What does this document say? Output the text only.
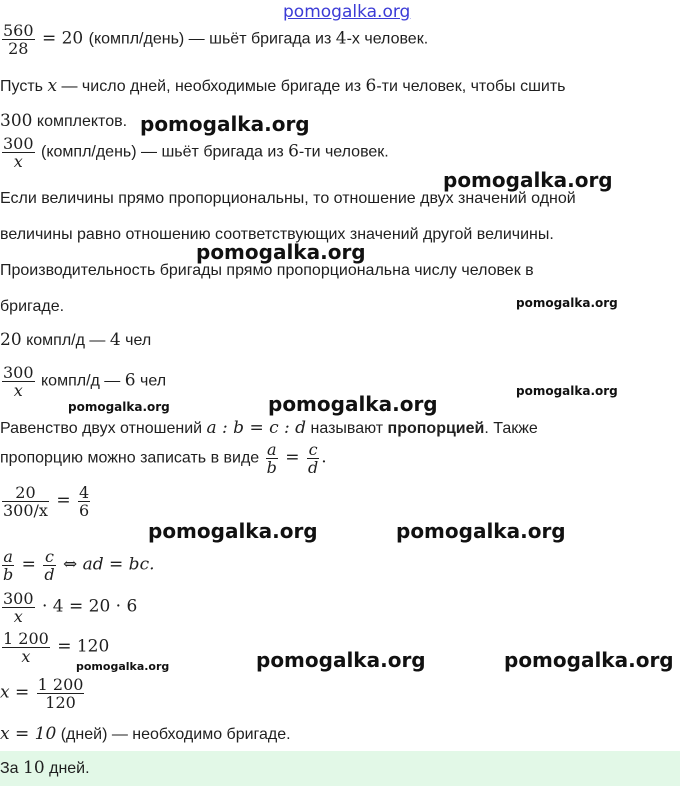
pomogalka.org
pomogalka.org
pomogalka.org
pomogalka.org
pomogalka.org
pomogalka.org
pomogalka.org	pomogalka.org
pomogalka.org	pomogalka.org
pomogalka.org	pomogalka.org	pomogalka.org
$\frac{560}{28} = 20$ (компл/день) — шьёт бригада из 4-х человек.
Пусть x — число дней, необходимые бригаде из 6-ти человек, чтобы сшить
300 комплектов.
$\frac{300}{x}$ (компл/день) — шьёт бригада из 6-ти человек.
Если величины прямо пропорциональны, то отношение двух значений одной
величины равно отношению соответствующих значений другой величины.
Производительность бригады прямо пропорциональна числу человек в
бригаде.
20 компл/д — 4 чел
$\frac{300}{x}$ компл/д — 6 чел
Равенство двух отношений a : b = c : d называют пропорцией. Также
пропорцию можно записать в виде $\frac{a}{b} = \frac{c}{d}$ .
$\frac{20}{300/x} = \frac{4}{6}$
$\frac{a}{b} = \frac{c}{d}$ ⇔ ad = bc.
$\frac{300}{x} \cdot 4 = 20 \cdot 6$
$\frac{1 200}{x} = 120$
$x = \frac{1 200}{120}$
x = 10 (дней) — необходимо бригаде.
За 10 дней.
